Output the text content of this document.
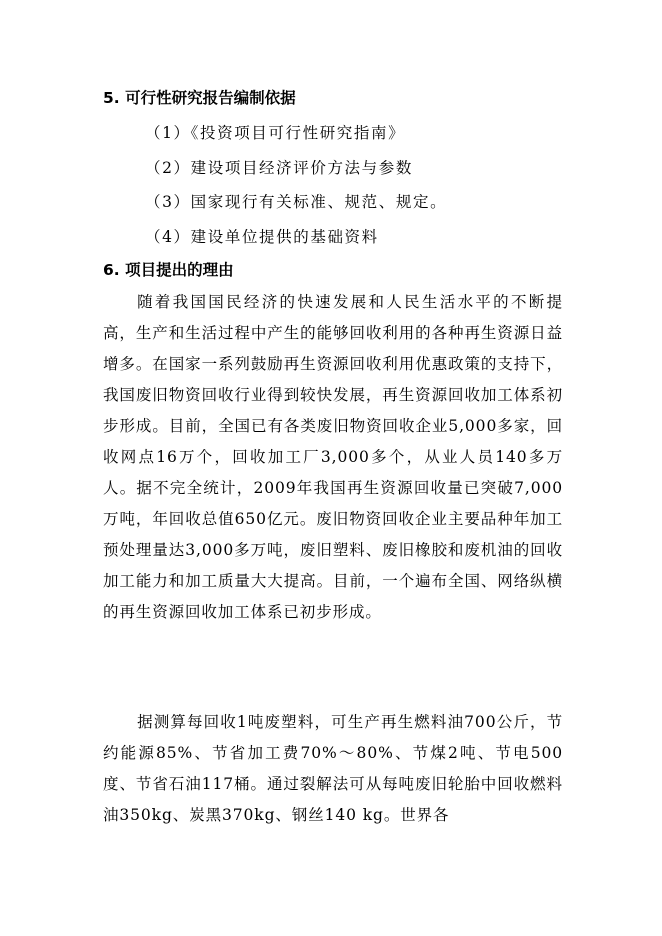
5. 可行性研究报告编制依据
（1）《投资项目可行性研究指南》
（2）建设项目经济评价方法与参数
（3）国家现行有关标准、规范、规定。
（4）建设单位提供的基础资料
6. 项目提出的理由

随着我国国民经济的快速发展和人民生活水平的不断提高，生产和生活过程中产生的能够回收利用的各种再生资源日益增多。在国家一系列鼓励再生资源回收利用优惠政策的支持下，我国废旧物资回收行业得到较快发展，再生资源回收加工体系初步形成。目前，全国已有各类废旧物资回收企业5,000多家，回收网点16万个，回收加工厂3,000多个，从业人员140多万人。据不完全统计，2009年我国再生资源回收量已突破7,000万吨，年回收总值650亿元。废旧物资回收企业主要品种年加工预处理量达3,000多万吨，废旧塑料、废旧橡胶和废机油的回收加工能力和加工质量大大提高。目前，一个遍布全国、网络纵横的再生资源回收加工体系已初步形成。

据测算每回收1吨废塑料，可生产再生燃料油700公斤，节约能源85%、节省加工费70%～80%、节煤2吨、节电500度、节省石油117桶。通过裂解法可从每吨废旧轮胎中回收燃料油350kg、炭黑370kg、钢丝140 kg。世界各
